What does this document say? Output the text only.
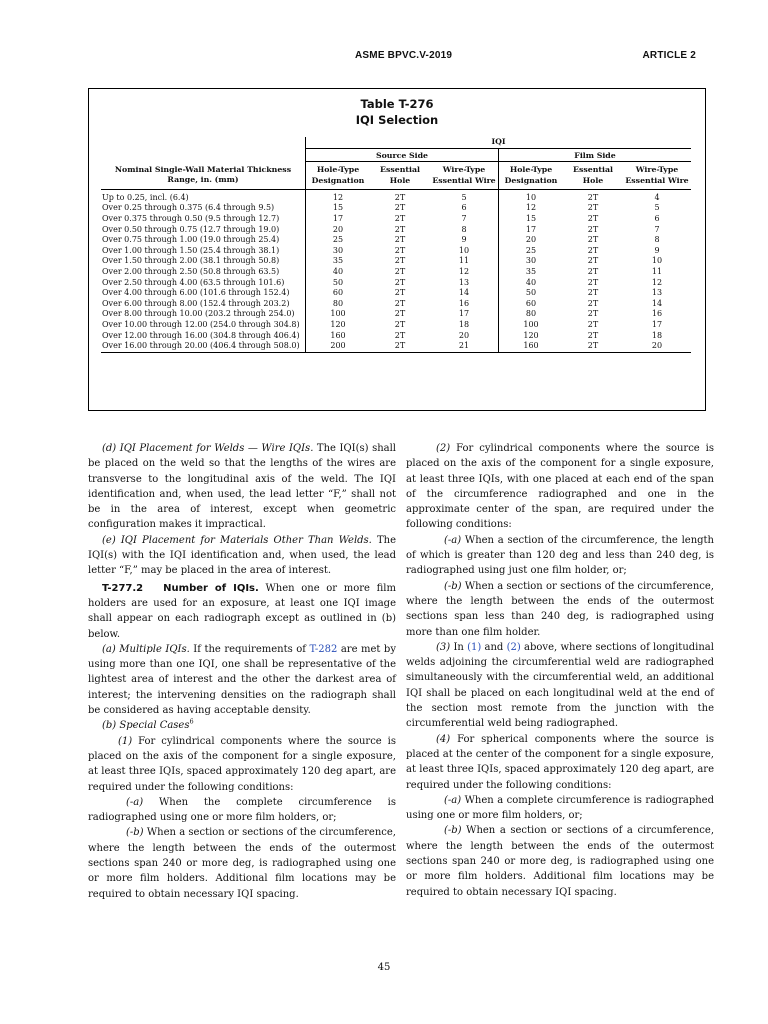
ASME BPVC.V-2019	ARTICLE 2
Table T-276
IQI Selection
	IQI					
	Source Side			Film Side		
Nominal Single-Wall Material Thickness Range, in. (mm)	Hole-Type Designation	Essential Hole	Wire-Type Essential Wire	Hole-Type Designation	Essential Hole	Wire-Type Essential Wire
Up to 0.25, incl. (6.4)	12	2T	5	10	2T	4
Over 0.25 through 0.375 (6.4 through 9.5)	15	2T	6	12	2T	5
Over 0.375 through 0.50 (9.5 through 12.7)	17	2T	7	15	2T	6
Over 0.50 through 0.75 (12.7 through 19.0)	20	2T	8	17	2T	7
Over 0.75 through 1.00 (19.0 through 25.4)	25	2T	9	20	2T	8
Over 1.00 through 1.50 (25.4 through 38.1)	30	2T	10	25	2T	9
Over 1.50 through 2.00 (38.1 through 50.8)	35	2T	11	30	2T	10
Over 2.00 through 2.50 (50.8 through 63.5)	40	2T	12	35	2T	11
Over 2.50 through 4.00 (63.5 through 101.6)	50	2T	13	40	2T	12
Over 4.00 through 6.00 (101.6 through 152.4)	60	2T	14	50	2T	13
Over 6.00 through 8.00 (152.4 through 203.2)	80	2T	16	60	2T	14
Over 8.00 through 10.00 (203.2 through 254.0)	100	2T	17	80	2T	16
Over 10.00 through 12.00 (254.0 through 304.8)	120	2T	18	100	2T	17
Over 12.00 through 16.00 (304.8 through 406.4)	160	2T	20	120	2T	18
Over 16.00 through 20.00 (406.4 through 508.0)	200	2T	21	160	2T	20

(d) IQI Placement for Welds — Wire IQIs. The IQI(s) shall be placed on the weld so that the lengths of the wires are transverse to the longitudinal axis of the weld. The IQI identification and, when used, the lead letter “F,” shall not be in the area of interest, except when geometric configuration makes it impractical.

(e) IQI Placement for Materials Other Than Welds. The IQI(s) with the IQI identification and, when used, the lead letter “F,” may be placed in the area of interest.

T-277.2 Number of IQIs. When one or more film holders are used for an exposure, at least one IQI image shall appear on each radiograph except as outlined in (b) below.

(a) Multiple IQIs. If the requirements of T-282 are met by using more than one IQI, one shall be representative of the lightest area of interest and the other the darkest area of interest; the intervening densities on the radiograph shall be considered as having acceptable density.

(b) Special Cases$^6$

(1) For cylindrical components where the source is placed on the axis of the component for a single exposure, at least three IQIs, spaced approximately 120 deg apart, are required under the following conditions:

(-a) When the complete circumference is radiographed using one or more film holders, or;

(-b) When a section or sections of the circumference, where the length between the ends of the outermost sections span 240 or more deg, is radiographed using one or more film holders. Additional film locations may be required to obtain necessary IQI spacing.

(2) For cylindrical components where the source is placed on the axis of the component for a single exposure, at least three IQIs, with one placed at each end of the span of the circumference radiographed and one in the approximate center of the span, are required under the following conditions:

(-a) When a section of the circumference, the length of which is greater than 120 deg and less than 240 deg, is radiographed using just one film holder, or;

(-b) When a section or sections of the circumference, where the length between the ends of the outermost sections span less than 240 deg, is radiographed using more than one film holder.

(3) In (1) and (2) above, where sections of longitudinal welds adjoining the circumferential weld are radiographed simultaneously with the circumferential weld, an additional IQI shall be placed on each longitudinal weld at the end of the section most remote from the junction with the circumferential weld being radiographed.

(4) For spherical components where the source is placed at the center of the component for a single exposure, at least three IQIs, spaced approximately 120 deg apart, are required under the following conditions:

(-a) When a complete circumference is radiographed using one or more film holders, or;

(-b) When a section or sections of a circumference, where the length between the ends of the outermost sections span 240 or more deg, is radiographed using one or more film holders. Additional film locations may be required to obtain necessary IQI spacing.

45
